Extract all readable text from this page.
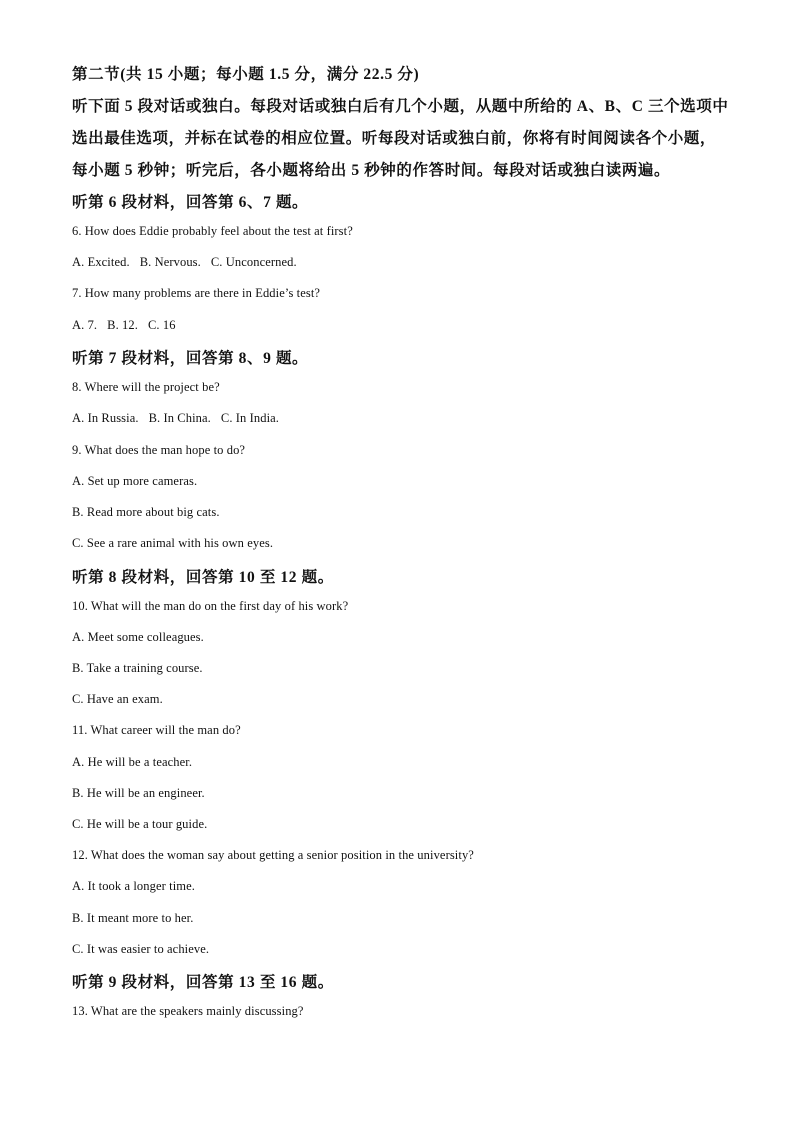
第二节(共 15 小题；每小题 1.5 分，满分 22.5 分)
听下面 5 段对话或独白。每段对话或独白后有几个小题，从题中所给的 A、B、C 三个选项中
选出最佳选项，并标在试卷的相应位置。听每段对话或独白前，你将有时间阅读各个小题，
每小题 5 秒钟；听完后，各小题将给出 5 秒钟的作答时间。每段对话或独白读两遍。
听第 6 段材料，回答第 6、7 题。
6. How does Eddie probably feel about the test at first?
A. Excited. B. Nervous. C. Unconcerned.
7. How many problems are there in Eddie’s test?
A. 7. B. 12. C. 16
听第 7 段材料，回答第 8、9 题。
8. Where will the project be?
A. In Russia. B. In China. C. In India.
9. What does the man hope to do?
A. Set up more cameras.
B. Read more about big cats.
C. See a rare animal with his own eyes.
听第 8 段材料，回答第 10 至 12 题。
10. What will the man do on the first day of his work?
A. Meet some colleagues.
B. Take a training course.
C. Have an exam.
11. What career will the man do?
A. He will be a teacher.
B. He will be an engineer.
C. He will be a tour guide.
12. What does the woman say about getting a senior position in the university?
A. It took a longer time.
B. It meant more to her.
C. It was easier to achieve.
听第 9 段材料，回答第 13 至 16 题。
13. What are the speakers mainly discussing?
